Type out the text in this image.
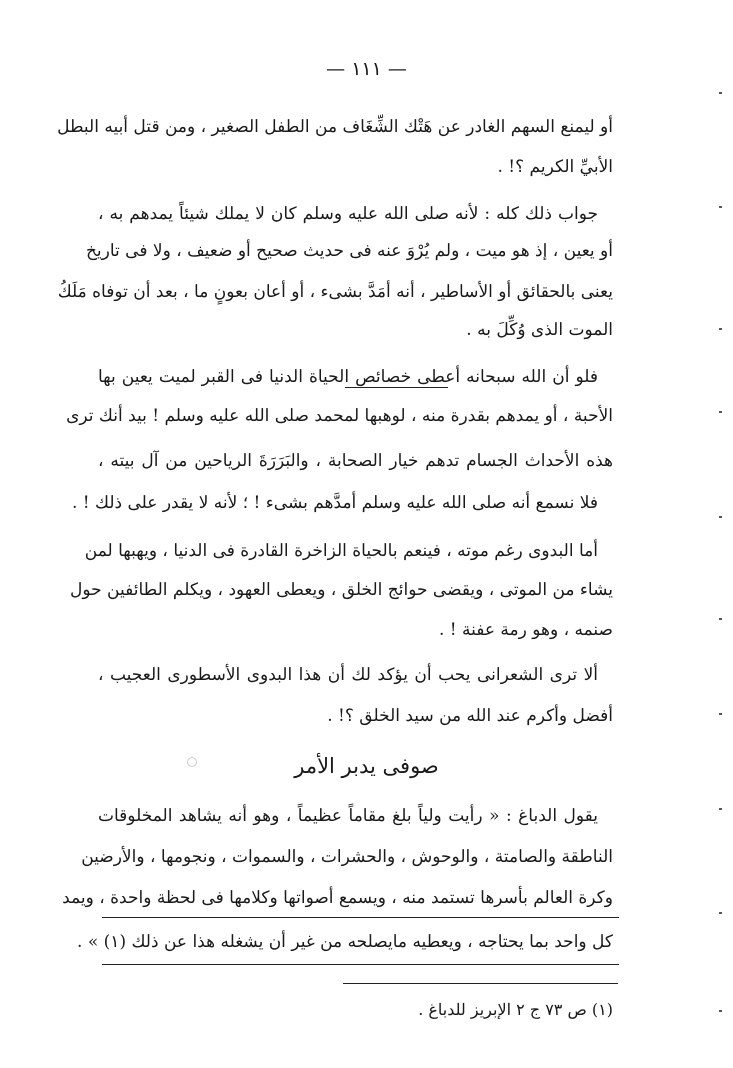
— ١١١ —
أو ليمنع السهم الغادر عن هَتْك الشِّغَاف من الطفل الصغير ، ومن قتل أبيه البطل
الأبيِّ الكريم ؟! .
جواب ذلك كله : لأنه صلى الله عليه وسلم كان لا يملك شيئاً يمدهم به ،
أو يعين ، إذ هو ميت ، ولم يُرْوَ عنه فى حديث صحيح أو ضعيف ، ولا فى تاريخ
يعنى بالحقائق أو الأساطير ، أنه أمَدَّ بشىء ، أو أعان بعونٍ ما ، بعد أن توفاه مَلَكُ
الموت الذى وُكِّلَ به .
فلو أن الله سبحانه أعطى خصائص الحياة الدنيا فى القبر لميت يعين بها
الأحبة ، أو يمدهم بقدرة منه ، لوهبها لمحمد صلى الله عليه وسلم ! بيد أنك ترى
هذه الأحداث الجسام تدهم خيار الصحابة ، والبَرَرَةَ الرياحين من آل بيته ،
فلا نسمع أنه صلى الله عليه وسلم أمدَّهم بشىء ! ؛ لأنه لا يقدر على ذلك ! .
أما البدوى رغم موته ، فينعم بالحياة الزاخرة القادرة فى الدنيا ، ويهبها لمن
يشاء من الموتى ، ويقضى حوائج الخلق ، ويعطى العهود ، ويكلم الطائفين حول
صنمه ، وهو رمة عفنة ! .
ألا ترى الشعرانى يحب أن يؤكد لك أن هذا البدوى الأسطورى العجيب ،
أفضل وأكرم عند الله من سيد الخلق ؟! .
صوفى يدبر الأمر
يقول الدباغ : « رأيت ولياً بلغ مقاماً عظيماً ، وهو أنه يشاهد المخلوقات
الناطقة والصامتة ، والوحوش ، والحشرات ، والسموات ، ونجومها ، والأرضين
وكرة العالم بأسرها تستمد منه ، ويسمع أصواتها وكلامها فى لحظة واحدة ، ويمد
كل واحد بما يحتاجه ، ويعطيه مايصلحه من غير أن يشغله هذا عن ذلك (١) » .
(١) ص ٧٣ ج ٢ الإبريز للدباغ .
